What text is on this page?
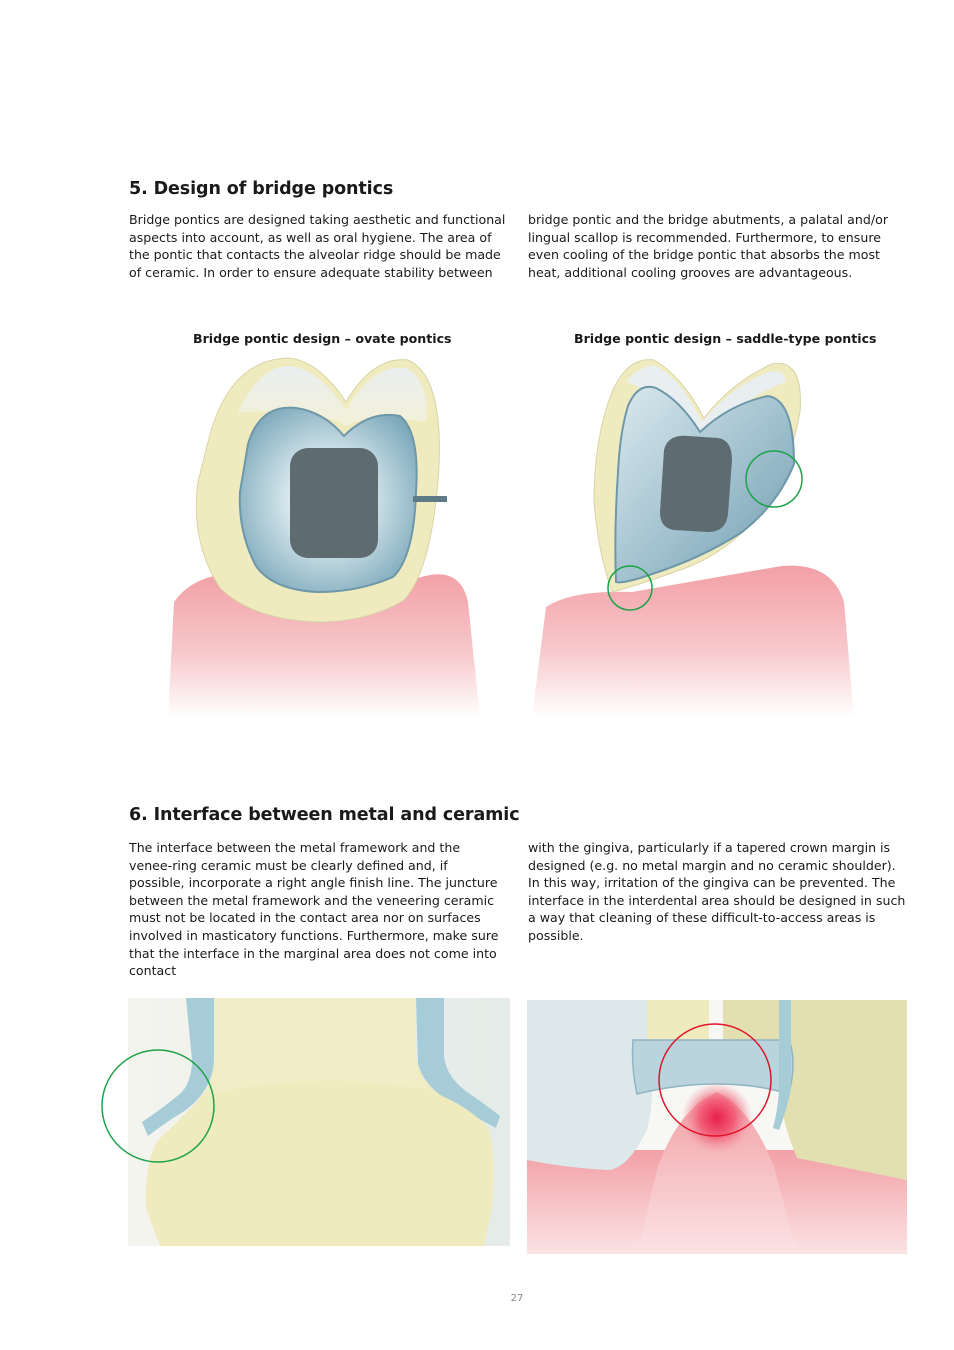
5. Design of bridge pontics

Bridge pontics are designed taking aesthetic and functional aspects into account, as well as oral hygiene. The area of the pontic that contacts the alveolar ridge should be made of ceramic. In order to ensure adequate stability between

bridge pontic and the bridge abutments, a palatal and/or lingual scallop is recommended. Furthermore, to ensure even cooling of the bridge pontic that absorbs the most heat, additional cooling grooves are advantageous.

Bridge pontic design – ovate pontics	Bridge pontic design – saddle-type pontics

6. Interface between metal and ceramic

The interface between the metal framework and the venee-ring ceramic must be clearly defined and, if possible, incorporate a right angle finish line. The juncture between the metal framework and the veneering ceramic must not be located in the contact area nor on surfaces involved in masticatory functions. Furthermore, make sure that the interface in the marginal area does not come into contact

with the gingiva, particularly if a tapered crown margin is designed (e.g. no metal margin and no ceramic shoulder). In this way, irritation of the gingiva can be prevented. The interface in the interdental area should be designed in such a way that cleaning of these difficult-to-access areas is possible.

27
